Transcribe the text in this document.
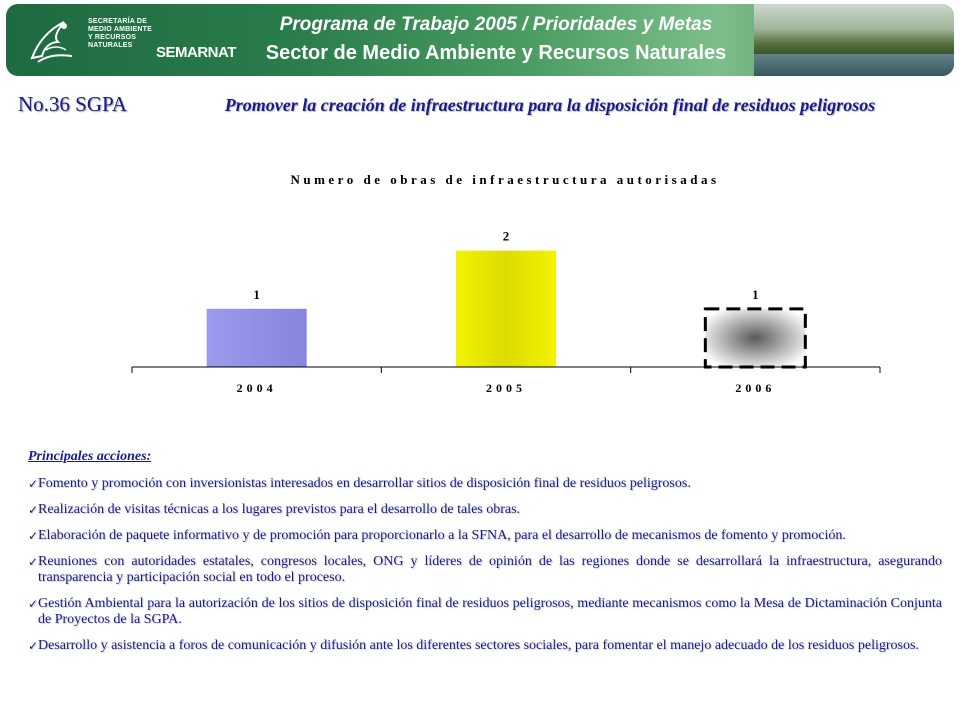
SECRETARÍA DE MEDIO AMBIENTE Y RECURSOS NATURALES	SEMARNAT
Programa de Trabajo 2005 / Prioridades y Metas
Sector de Medio Ambiente y Recursos Naturales
No.36 SGPA	Promover la creación de infraestructura para la disposición final de residuos peligrosos
Numero de obras de infraestructura autorisadas
1
2
1
2004	2005	2006
Principales acciones:
✓ Fomento y promoción con inversionistas interesados en desarrollar sitios de disposición final de residuos peligrosos.
✓ Realización de visitas técnicas a los lugares previstos para el desarrollo de tales obras.
✓ Elaboración de paquete informativo y de promoción para proporcionarlo a la SFNA, para el desarrollo de mecanismos de fomento y promoción.
✓ Reuniones con autoridades estatales, congresos locales, ONG y líderes de opinión de las regiones donde se desarrollará la infraestructura, asegurando transparencia y participación social en todo el proceso.
✓ Gestión Ambiental para la autorización de los sitios de disposición final de residuos peligrosos, mediante mecanismos como la Mesa de Dictaminación Conjunta de Proyectos de la SGPA.
✓ Desarrollo y asistencia a foros de comunicación y difusión ante los diferentes sectores sociales, para fomentar el manejo adecuado de los residuos peligrosos.
